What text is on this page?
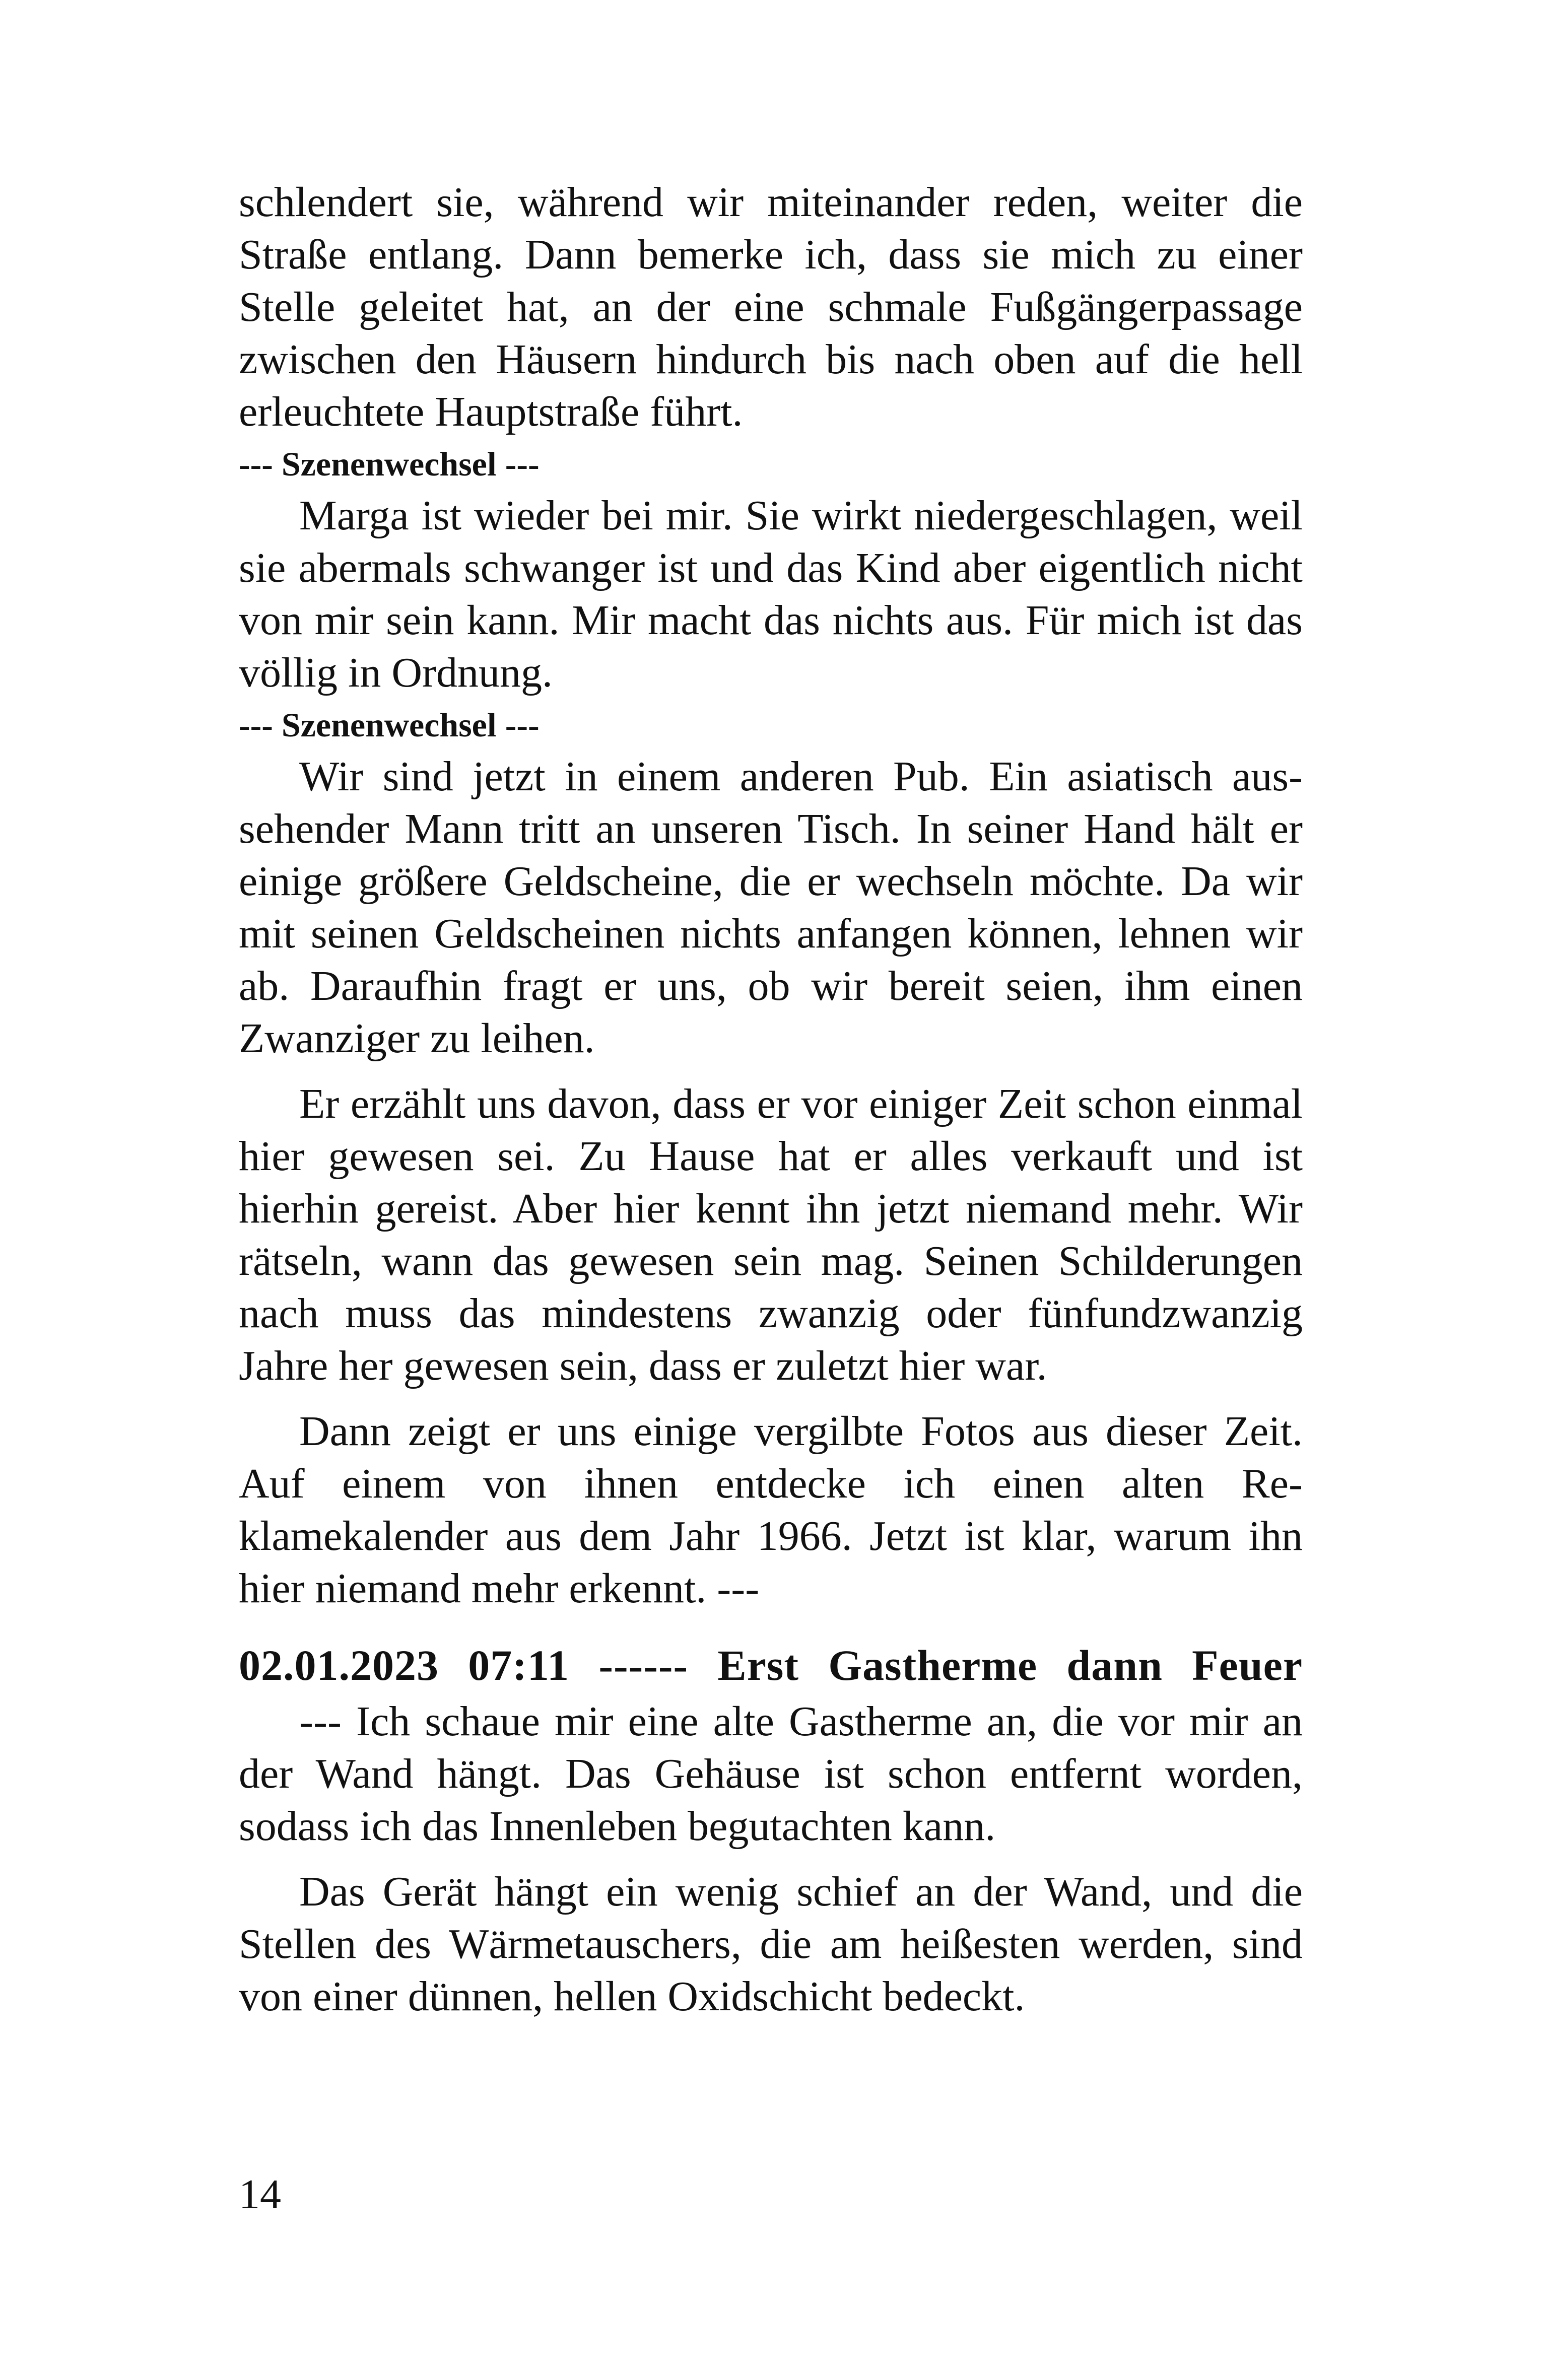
schlendert sie, während wir miteinander reden, weiter die Straße entlang. Dann bemerke ich, dass sie mich zu einer Stelle geleitet hat, an der eine schmale Fußgängerpassage zwischen den Häusern hindurch bis nach oben auf die hell erleuchtete Hauptstraße führt.

--- Szenenwechsel ---

Marga ist wieder bei mir. Sie wirkt niedergeschlagen, weil sie abermals schwanger ist und das Kind aber eigentlich nicht von mir sein kann. Mir macht das nichts aus. Für mich ist das völlig in Ordnung.

--- Szenenwechsel ---

Wir sind jetzt in einem anderen Pub. Ein asiatisch aussehender Mann tritt an unseren Tisch. In seiner Hand hält er einige größere Geldscheine, die er wechseln möchte. Da wir mit seinen Geldscheinen nichts anfangen können, lehnen wir ab. Daraufhin fragt er uns, ob wir bereit seien, ihm einen Zwanziger zu leihen.

Er erzählt uns davon, dass er vor einiger Zeit schon einmal hier gewesen sei. Zu Hause hat er alles verkauft und ist hierhin gereist. Aber hier kennt ihn jetzt niemand mehr. Wir rätseln, wann das gewesen sein mag. Seinen Schilderungen nach muss das mindestens zwanzig oder fünfundzwanzig Jahre her gewesen sein, dass er zuletzt hier war.

Dann zeigt er uns einige vergilbte Fotos aus dieser Zeit. Auf einem von ihnen entdecke ich einen alten Reklamekalender aus dem Jahr 1966. Jetzt ist klar, warum ihn hier niemand mehr erkennt. ---

02.01.2023 07:11 ------ Erst Gastherme dann Feuer

--- Ich schaue mir eine alte Gastherme an, die vor mir an der Wand hängt. Das Gehäuse ist schon entfernt worden, sodass ich das Innenleben begutachten kann.

Das Gerät hängt ein wenig schief an der Wand, und die Stellen des Wärmetauschers, die am heißesten werden, sind von einer dünnen, hellen Oxidschicht bedeckt.

14
